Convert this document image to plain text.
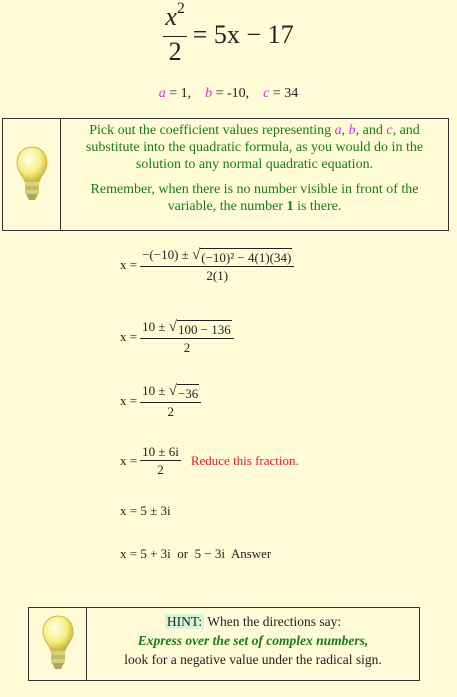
$\frac{x^2}{2} = 5x - 17$
a = 1, b = -10, c = 34

Pick out the coefficient values representing a, b, and c, and substitute into the quadratic formula, as you would do in the solution to any normal quadratic equation.

Remember, when there is no number visible in front of the variable, the number 1 is there.

$x = \frac{\text{−(−10) ± √ (−10)² − 4(1)(34)}}{2(1)}$
$x = \frac{10 \pm √ 100 - 136}{2}$
$x = \frac{10 \pm √ -36}{2}$
$x = \frac{10 \pm 6i}{2}$ Reduce this fraction.
x = 5 ± 3i
x = 5 + 3i  or  5 − 3i  Answer
HINT: When the directions say:
Express over the set of complex numbers,
look for a negative value under the radical sign.
